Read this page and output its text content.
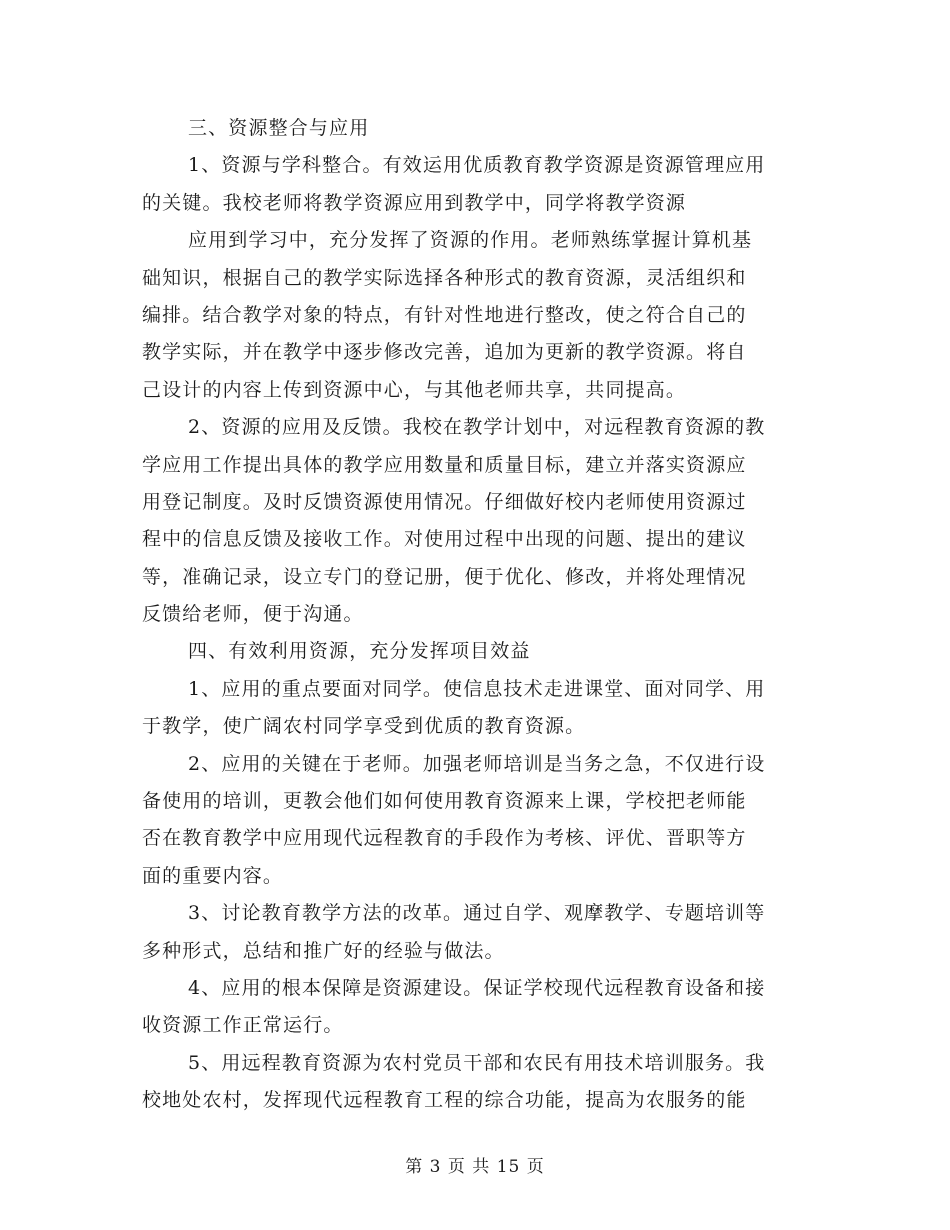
三、资源整合与应用
1、资源与学科整合。有效运用优质教育教学资源是资源管理应用
的关键。我校老师将教学资源应用到教学中，同学将教学资源
应用到学习中，充分发挥了资源的作用。老师熟练掌握计算机基
础知识，根据自己的教学实际选择各种形式的教育资源，灵活组织和
编排。结合教学对象的特点，有针对性地进行整改，使之符合自己的
教学实际，并在教学中逐步修改完善，追加为更新的教学资源。将自
己设计的内容上传到资源中心，与其他老师共享，共同提高。
2、资源的应用及反馈。我校在教学计划中，对远程教育资源的教
学应用工作提出具体的教学应用数量和质量目标，建立并落实资源应
用登记制度。及时反馈资源使用情况。仔细做好校内老师使用资源过
程中的信息反馈及接收工作。对使用过程中出现的问题、提出的建议
等，准确记录，设立专门的登记册，便于优化、修改，并将处理情况
反馈给老师，便于沟通。
四、有效利用资源，充分发挥项目效益
1、应用的重点要面对同学。使信息技术走进课堂、面对同学、用
于教学，使广阔农村同学享受到优质的教育资源。
2、应用的关键在于老师。加强老师培训是当务之急，不仅进行设
备使用的培训，更教会他们如何使用教育资源来上课，学校把老师能
否在教育教学中应用现代远程教育的手段作为考核、评优、晋职等方
面的重要内容。
3、讨论教育教学方法的改革。通过自学、观摩教学、专题培训等
多种形式，总结和推广好的经验与做法。
4、应用的根本保障是资源建设。保证学校现代远程教育设备和接
收资源工作正常运行。
5、用远程教育资源为农村党员干部和农民有用技术培训服务。我
校地处农村，发挥现代远程教育工程的综合功能，提高为农服务的能
第 3 页 共 15 页
